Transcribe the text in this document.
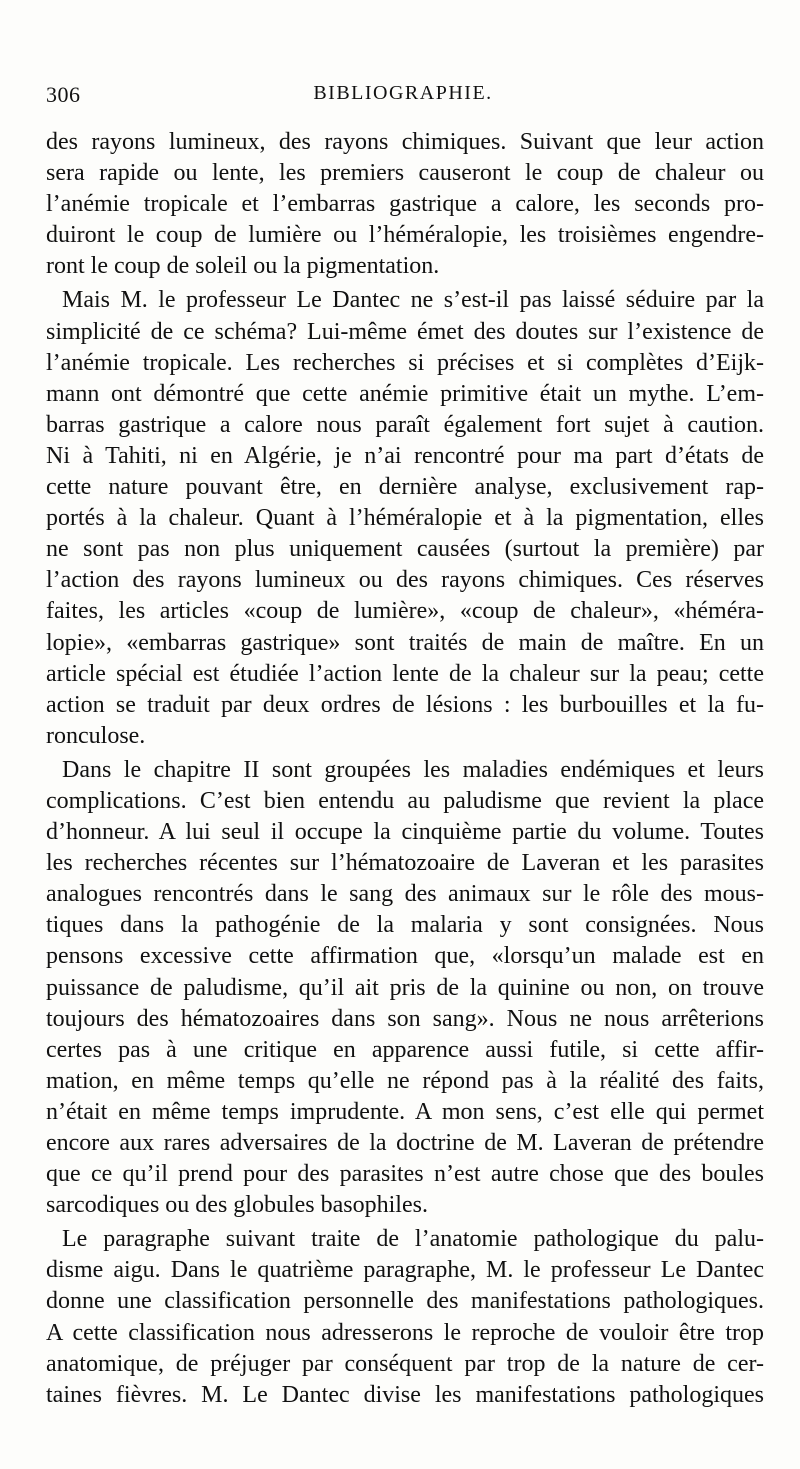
306	BIBLIOGRAPHIE.
des rayons lumineux, des rayons chimiques. Suivant que leur action
sera rapide ou lente, les premiers causeront le coup de chaleur ou
l’anémie tropicale et l’embarras gastrique a calore, les seconds pro-
duiront le coup de lumière ou l’héméralopie, les troisièmes engendre-
ront le coup de soleil ou la pigmentation.
Mais M. le professeur Le Dantec ne s’est-il pas laissé séduire par la
simplicité de ce schéma? Lui-même émet des doutes sur l’existence de
l’anémie tropicale. Les recherches si précises et si complètes d’Eijk-
mann ont démontré que cette anémie primitive était un mythe. L’em-
barras gastrique a calore nous paraît également fort sujet à caution.
Ni à Tahiti, ni en Algérie, je n’ai rencontré pour ma part d’états de
cette nature pouvant être, en dernière analyse, exclusivement rap-
portés à la chaleur. Quant à l’héméralopie et à la pigmentation, elles
ne sont pas non plus uniquement causées (surtout la première) par
l’action des rayons lumineux ou des rayons chimiques. Ces réserves
faites, les articles «coup de lumière», «coup de chaleur», «héméra-
lopie», «embarras gastrique» sont traités de main de maître. En un
article spécial est étudiée l’action lente de la chaleur sur la peau; cette
action se traduit par deux ordres de lésions : les burbouilles et la fu-
ronculose.
Dans le chapitre II sont groupées les maladies endémiques et leurs
complications. C’est bien entendu au paludisme que revient la place
d’honneur. A lui seul il occupe la cinquième partie du volume. Toutes
les recherches récentes sur l’hématozoaire de Laveran et les parasites
analogues rencontrés dans le sang des animaux sur le rôle des mous-
tiques dans la pathogénie de la malaria y sont consignées. Nous
pensons excessive cette affirmation que, «lorsqu’un malade est en
puissance de paludisme, qu’il ait pris de la quinine ou non, on trouve
toujours des hématozoaires dans son sang». Nous ne nous arrêterions
certes pas à une critique en apparence aussi futile, si cette affir-
mation, en même temps qu’elle ne répond pas à la réalité des faits,
n’était en même temps imprudente. A mon sens, c’est elle qui permet
encore aux rares adversaires de la doctrine de M. Laveran de prétendre
que ce qu’il prend pour des parasites n’est autre chose que des boules
sarcodiques ou des globules basophiles.
Le paragraphe suivant traite de l’anatomie pathologique du palu-
disme aigu. Dans le quatrième paragraphe, M. le professeur Le Dantec
donne une classification personnelle des manifestations pathologiques.
A cette classification nous adresserons le reproche de vouloir être trop
anatomique, de préjuger par conséquent par trop de la nature de cer-
taines fièvres. M. Le Dantec divise les manifestations pathologiques
